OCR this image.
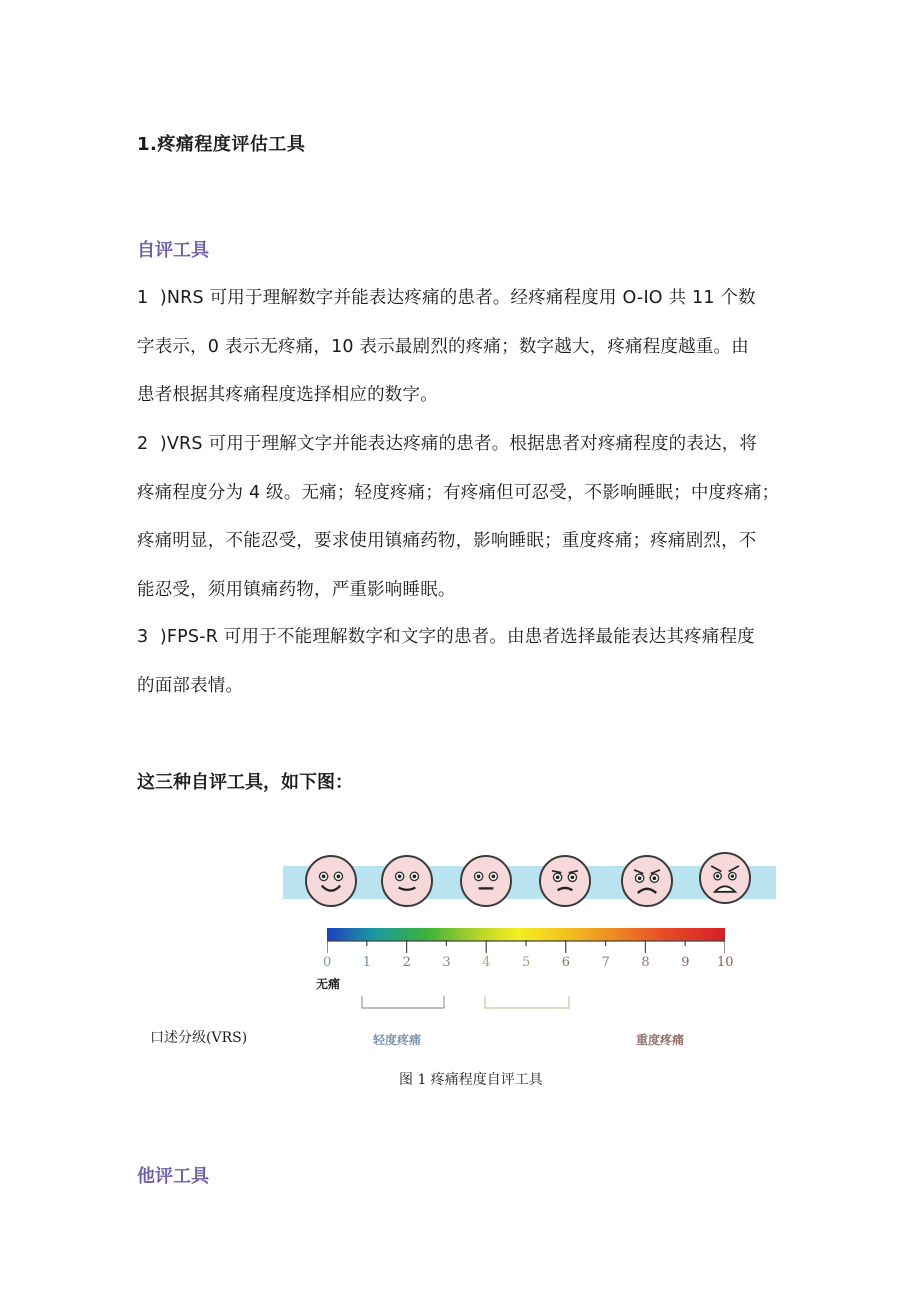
1.疼痛程度评估工具
自评工具
1  )NRS 可用于理解数字并能表达疼痛的患者。经疼痛程度用 O-IO 共 11 个数
字表示，0 表示无疼痛，10 表示最剧烈的疼痛；数字越大，疼痛程度越重。由
患者根据其疼痛程度选择相应的数字。
2  )VRS 可用于理解文字并能表达疼痛的患者。根据患者对疼痛程度的表达，将
疼痛程度分为 4 级。无痛；轻度疼痛；有疼痛但可忍受，不影响睡眠；中度疼痛；
疼痛明显，不能忍受，要求使用镇痛药物，影响睡眠；重度疼痛；疼痛剧烈，不
能忍受，须用镇痛药物，严重影响睡眠。
3  )FPS-R 可用于不能理解数字和文字的患者。由患者选择最能表达其疼痛程度
的面部表情。
这三种自评工具，如下图：
0 1 2 3 4 5 6 7 8 9 10
无痛
口述分级(VRS)	轻度疼痛	重度疼痛
图 1 疼痛程度自评工具
他评工具
